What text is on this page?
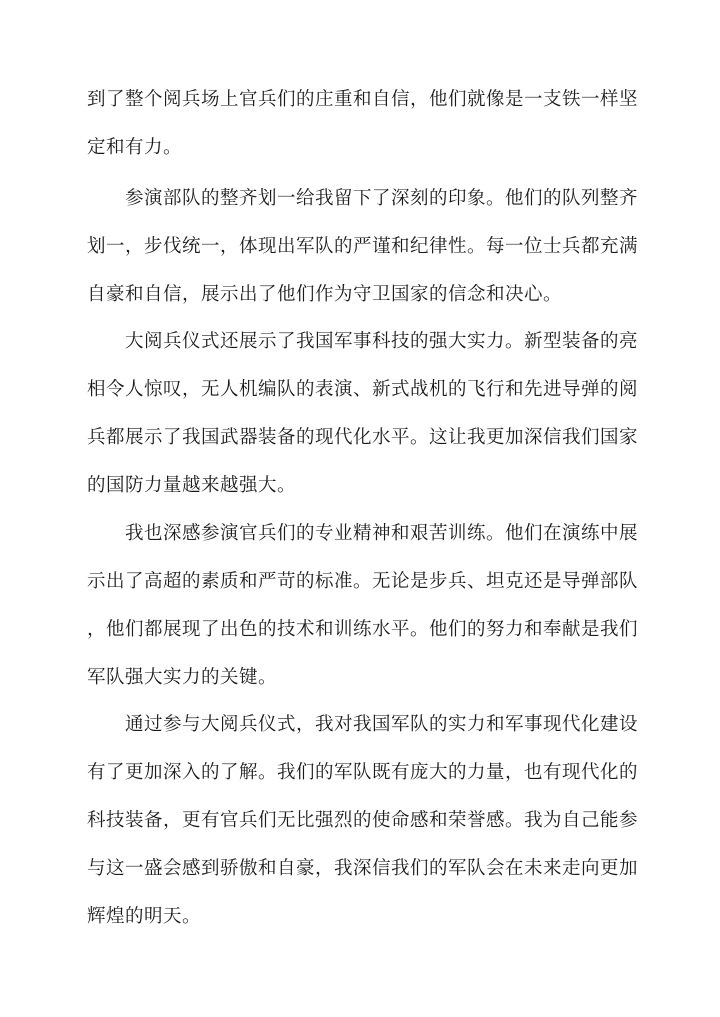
到了整个阅兵场上官兵们的庄重和自信，他们就像是一支铁一样坚
定和有力。
参演部队的整齐划一给我留下了深刻的印象。他们的队列整齐
划一，步伐统一，体现出军队的严谨和纪律性。每一位士兵都充满
自豪和自信，展示出了他们作为守卫国家的信念和决心。
大阅兵仪式还展示了我国军事科技的强大实力。新型装备的亮
相令人惊叹，无人机编队的表演、新式战机的飞行和先进导弹的阅
兵都展示了我国武器装备的现代化水平。这让我更加深信我们国家
的国防力量越来越强大。
我也深感参演官兵们的专业精神和艰苦训练。他们在演练中展
示出了高超的素质和严苛的标准。无论是步兵、坦克还是导弹部队
，他们都展现了出色的技术和训练水平。他们的努力和奉献是我们
军队强大实力的关键。
通过参与大阅兵仪式，我对我国军队的实力和军事现代化建设
有了更加深入的了解。我们的军队既有庞大的力量，也有现代化的
科技装备，更有官兵们无比强烈的使命感和荣誉感。我为自己能参
与这一盛会感到骄傲和自豪，我深信我们的军队会在未来走向更加
辉煌的明天。
